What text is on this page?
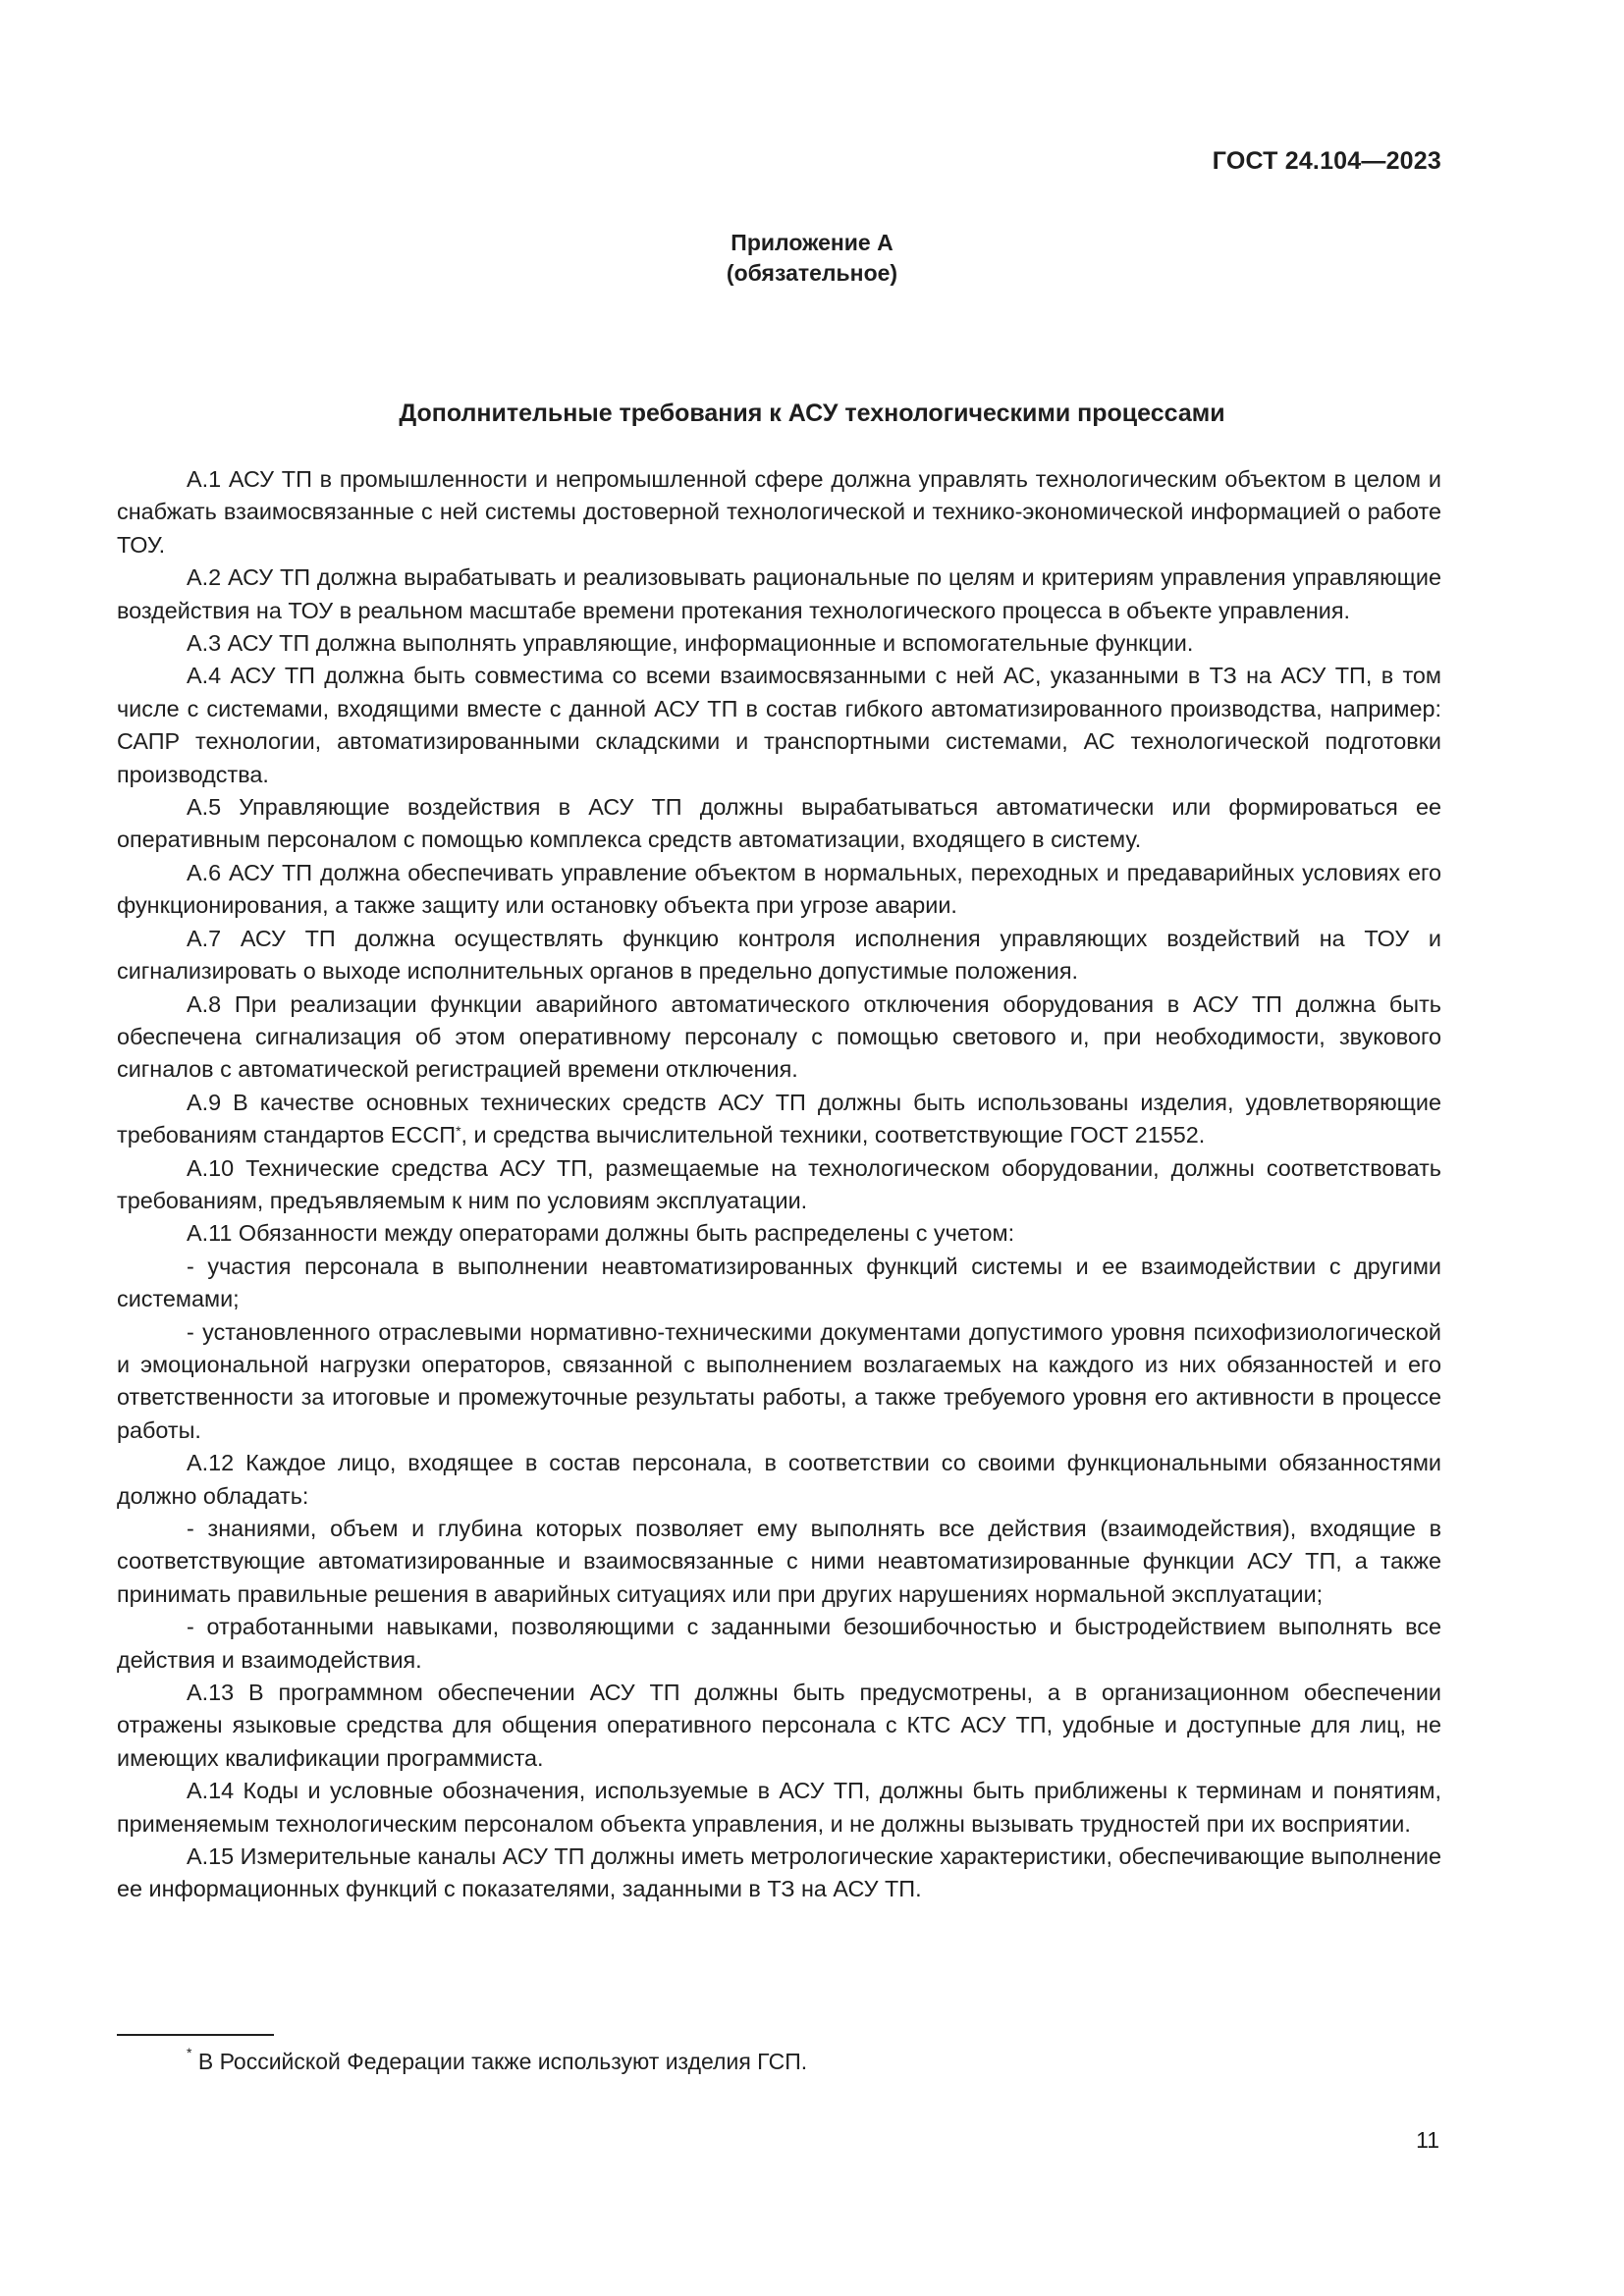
ГОСТ 24.104—2023
Приложение А
(обязательное)
Дополнительные требования к АСУ технологическими процессами

А.1 АСУ ТП в промышленности и непромышленной сфере должна управлять технологическим объектом в целом и снабжать взаимосвязанные с ней системы достоверной технологической и технико-экономической информацией о работе ТОУ.

А.2 АСУ ТП должна вырабатывать и реализовывать рациональные по целям и критериям управления управляющие воздействия на ТОУ в реальном масштабе времени протекания технологического процесса в объекте управления.

А.3 АСУ ТП должна выполнять управляющие, информационные и вспомогательные функции.

А.4 АСУ ТП должна быть совместима со всеми взаимосвязанными с ней АС, указанными в ТЗ на АСУ ТП, в том числе с системами, входящими вместе с данной АСУ ТП в состав гибкого автоматизированного производства, например: САПР технологии, автоматизированными складскими и транспортными системами, АС технологической подготовки производства.

А.5 Управляющие воздействия в АСУ ТП должны вырабатываться автоматически или формироваться ее оперативным персоналом с помощью комплекса средств автоматизации, входящего в систему.

А.6 АСУ ТП должна обеспечивать управление объектом в нормальных, переходных и предаварийных условиях его функционирования, а также защиту или остановку объекта при угрозе аварии.

А.7 АСУ ТП должна осуществлять функцию контроля исполнения управляющих воздействий на ТОУ и сигнализировать о выходе исполнительных органов в предельно допустимые положения.

А.8 При реализации функции аварийного автоматического отключения оборудования в АСУ ТП должна быть обеспечена сигнализация об этом оперативному персоналу с помощью светового и, при необходимости, звукового сигналов с автоматической регистрацией времени отключения.

А.9 В качестве основных технических средств АСУ ТП должны быть использованы изделия, удовлетворяющие требованиям стандартов ЕССП*, и средства вычислительной техники, соответствующие ГОСТ 21552.

А.10 Технические средства АСУ ТП, размещаемые на технологическом оборудовании, должны соответствовать требованиям, предъявляемым к ним по условиям эксплуатации.

А.11 Обязанности между операторами должны быть распределены с учетом:

- участия персонала в выполнении неавтоматизированных функций системы и ее взаимодействии с другими системами;

- установленного отраслевыми нормативно-техническими документами допустимого уровня психофизиологической и эмоциональной нагрузки операторов, связанной с выполнением возлагаемых на каждого из них обязанностей и его ответственности за итоговые и промежуточные результаты работы, а также требуемого уровня его активности в процессе работы.

А.12 Каждое лицо, входящее в состав персонала, в соответствии со своими функциональными обязанностями должно обладать:

- знаниями, объем и глубина которых позволяет ему выполнять все действия (взаимодействия), входящие в соответствующие автоматизированные и взаимосвязанные с ними неавтоматизированные функции АСУ ТП, а также принимать правильные решения в аварийных ситуациях или при других нарушениях нормальной эксплуатации;

- отработанными навыками, позволяющими с заданными безошибочностью и быстродействием выполнять все действия и взаимодействия.

А.13 В программном обеспечении АСУ ТП должны быть предусмотрены, а в организационном обеспечении отражены языковые средства для общения оперативного персонала с КТС АСУ ТП, удобные и доступные для лиц, не имеющих квалификации программиста.

А.14 Коды и условные обозначения, используемые в АСУ ТП, должны быть приближены к терминам и понятиям, применяемым технологическим персоналом объекта управления, и не должны вызывать трудностей при их восприятии.

А.15 Измерительные каналы АСУ ТП должны иметь метрологические характеристики, обеспечивающие выполнение ее информационных функций с показателями, заданными в ТЗ на АСУ ТП.

* В Российской Федерации также используют изделия ГСП.
11
